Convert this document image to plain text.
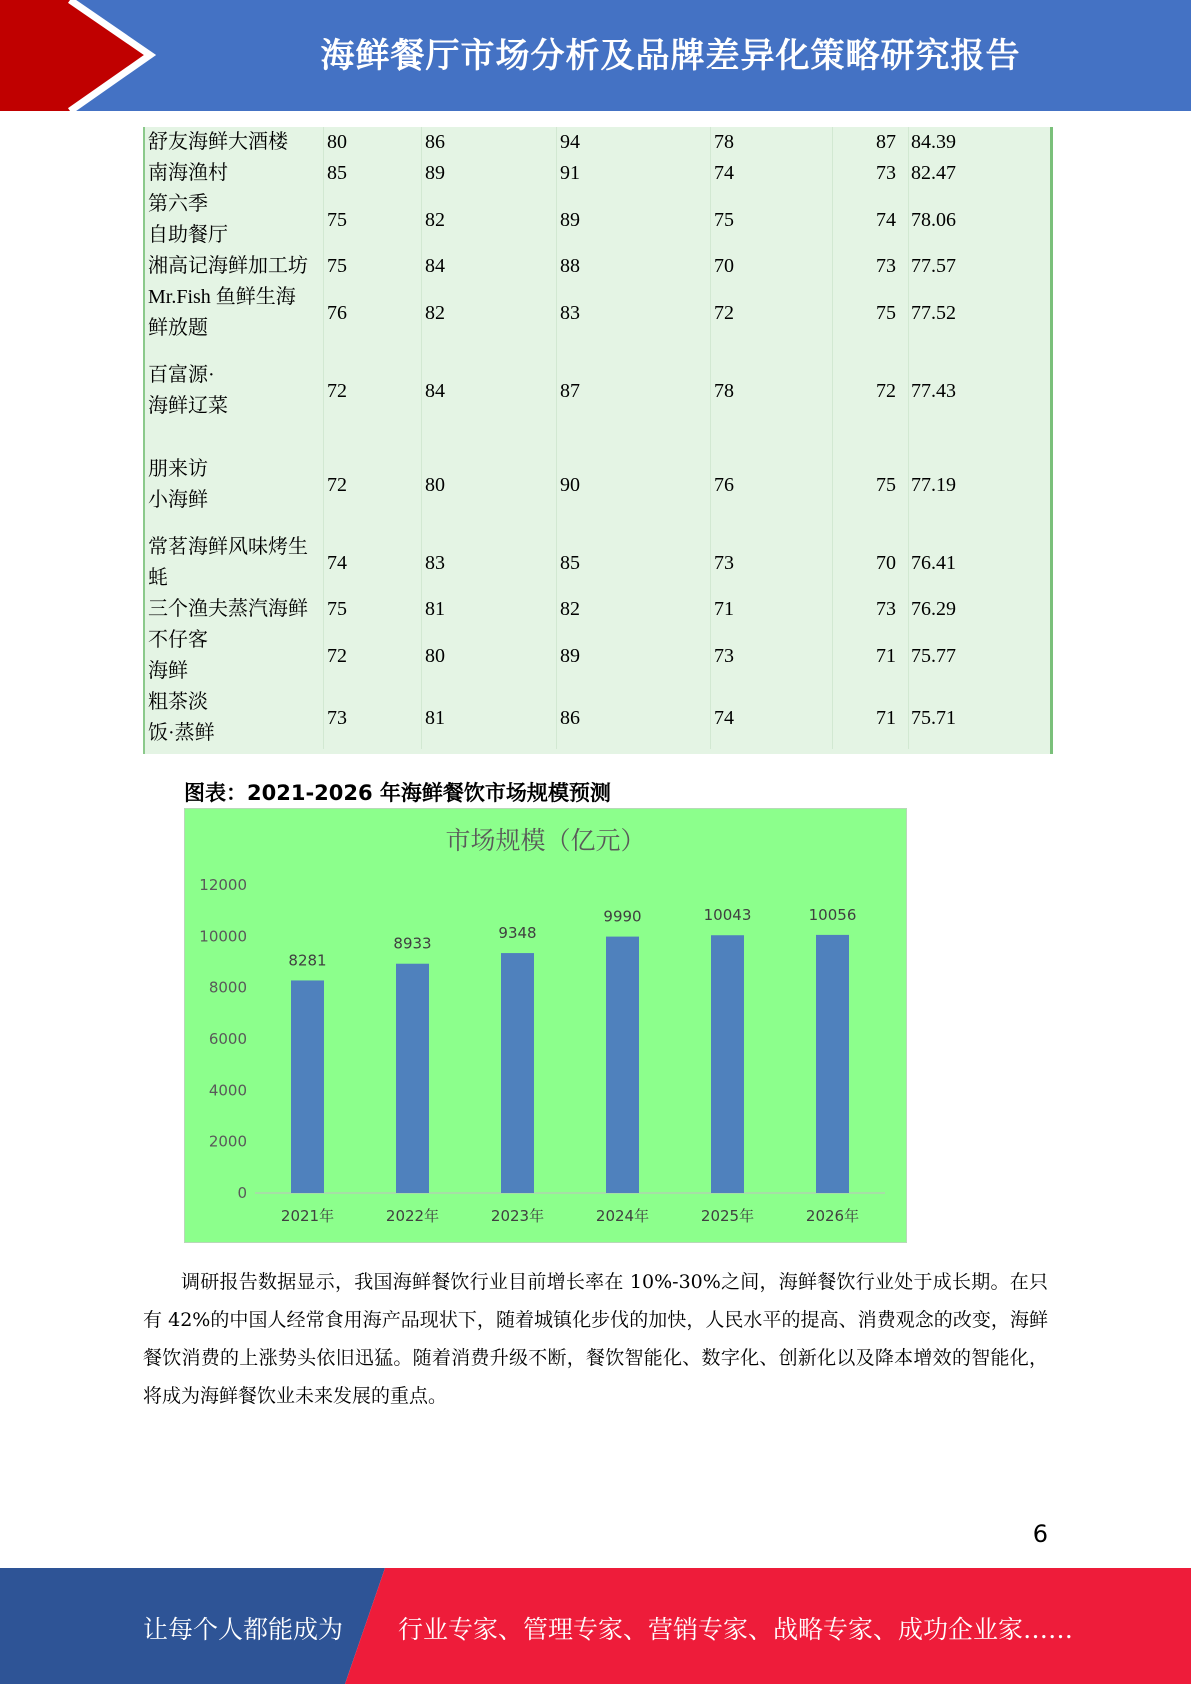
海鲜餐厅市场分析及品牌差异化策略研究报告
舒友海鲜大酒楼	80	86	94	78	87	84.39

南海渔村	85	89	91	74	73	82.47

第六季
自助餐厅	75	82	89	75	74	78.06

湘高记海鲜加工坊	75	84	88	70	73	77.57

Mr.Fish 鱼鲜生海
鲜放题	76	82	83	72	75	77.52

百富源·
海鲜辽菜	72	84	87	78	72	77.43

朋来访
小海鲜	72	80	90	76	75	77.19

常茗海鲜风味烤生
蚝	74	83	85	73	70	76.41

三个渔夫蒸汽海鲜	75	81	82	71	73	76.29

不仔客
海鲜	72	80	89	73	71	75.77

粗茶淡
饭·蒸鲜	73	81	86	74	71	75.71
图表：2021-2026 年海鲜餐饮市场规模预测
市场规模（亿元）
0
2000
4000
6000
8000
10000
12000
8281
2021年
8933
2022年
9348
2023年
9990
2024年
10043
2025年
10056
2026年

调研报告数据显示，我国海鲜餐饮行业目前增长率在 10%-30%之间，海鲜餐饮行业处于成长期。在只有 42%的中国人经常食用海产品现状下，随着城镇化步伐的加快，人民水平的提高、消费观念的改变，海鲜餐饮消费的上涨势头依旧迅猛。随着消费升级不断，餐饮智能化、数字化、创新化以及降本增效的智能化，将成为海鲜餐饮业未来发展的重点。

6
让每个人都能成为 行业专家、管理专家、营销专家、战略专家、成功企业家……
